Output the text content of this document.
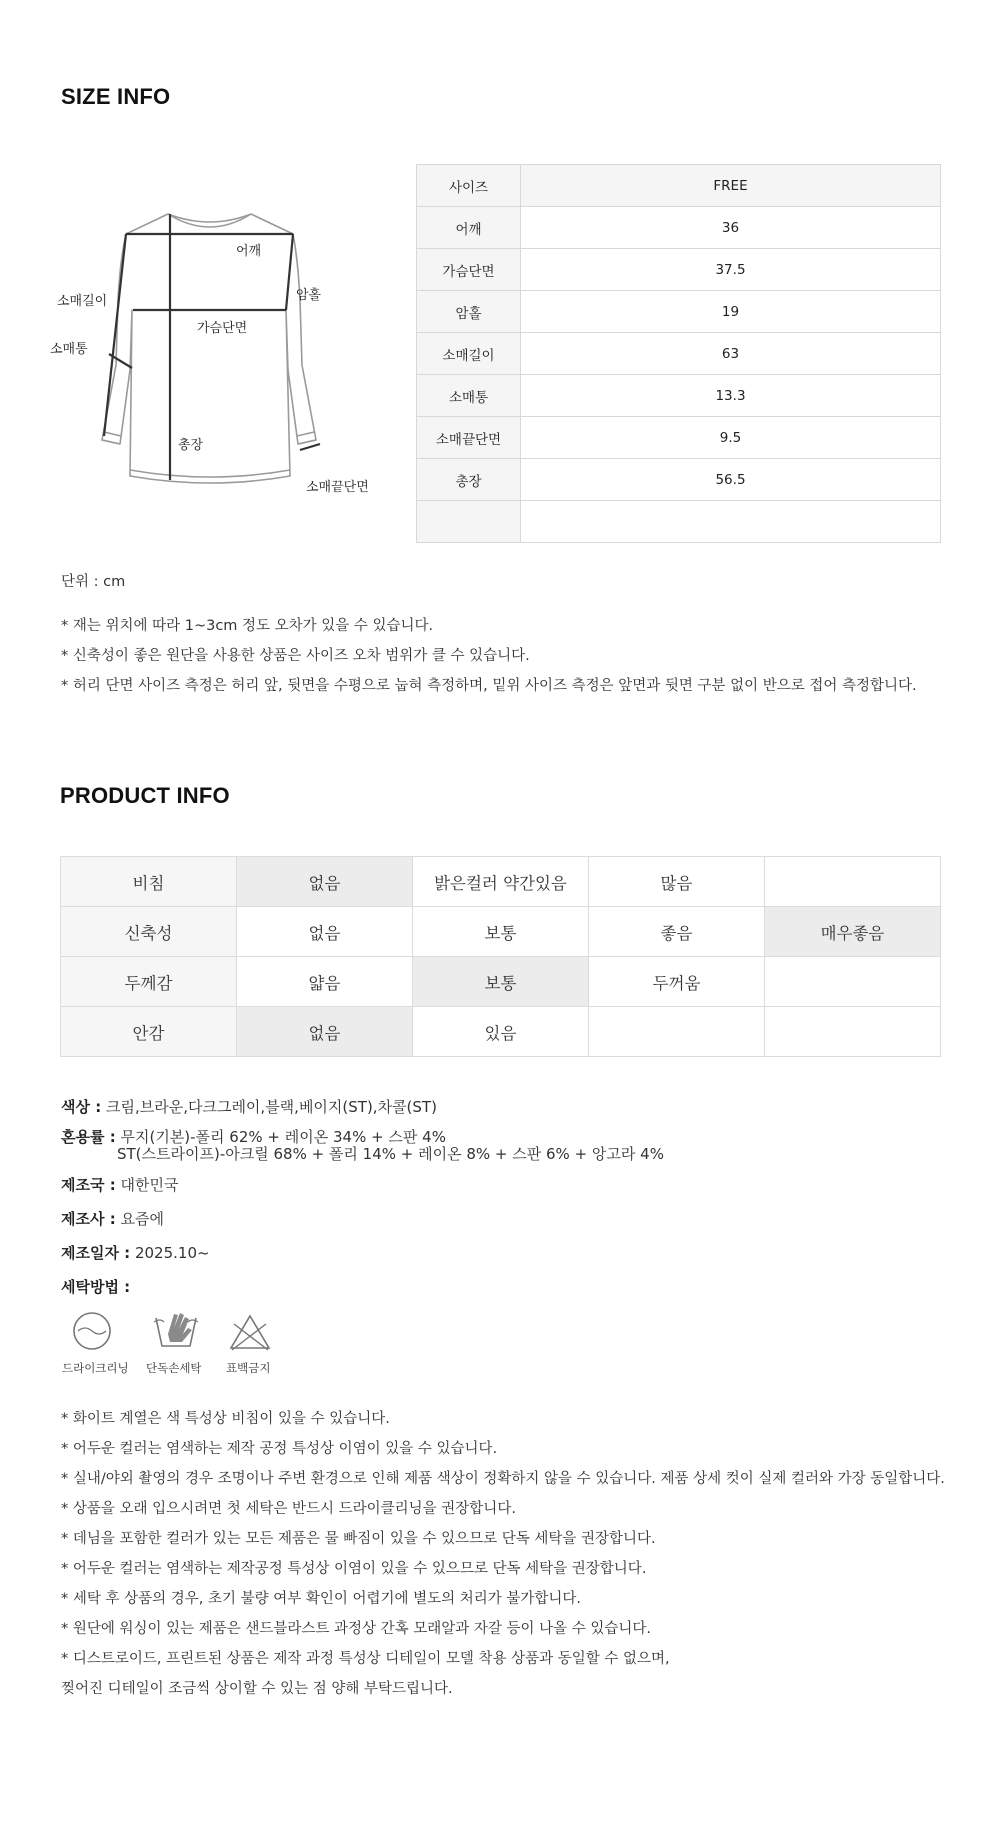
SIZE INFO
어깨
암홀
소매길이
가슴단면
소매통
총장
소매끝단면
사이즈	FREE
어깨	36
가슴단면	37.5
암홀	19
소매길이	63
소매통	13.3
소매끝단면	9.5
총장	56.5

단위 : cm
* 재는 위치에 따라 1~3cm 정도 오차가 있을 수 있습니다.
* 신축성이 좋은 원단을 사용한 상품은 사이즈 오차 범위가 클 수 있습니다.
* 허리 단면 사이즈 측정은 허리 앞, 뒷면을 수평으로 눕혀 측정하며, 밑위 사이즈 측정은 앞면과 뒷면 구분 없이 반으로 접어 측정합니다.
PRODUCT INFO
비침	없음	밝은컬러 약간있음	많음	
신축성	없음	보통	좋음	매우좋음
두께감	얇음	보통	두꺼움	
안감	없음	있음		
색상 : 크림,브라운,다크그레이,블랙,베이지(ST),차콜(ST)
혼용률 : 무지(기본)-폴리 62% + 레이온 34% + 스판 4%
ST(스트라이프)-아크릴 68% + 폴리 14% + 레이온 8% + 스판 6% + 앙고라 4%
제조국 : 대한민국
제조사 : 요즘에
제조일자 : 2025.10~
세탁방법 :
드라이크리닝 단독손세탁 표백금지
* 화이트 계열은 색 특성상 비침이 있을 수 있습니다.
* 어두운 컬러는 염색하는 제작 공정 특성상 이염이 있을 수 있습니다.
* 실내/야외 촬영의 경우 조명이나 주변 환경으로 인해 제품 색상이 정확하지 않을 수 있습니다. 제품 상세 컷이 실제 컬러와 가장 동일합니다.
* 상품을 오래 입으시려면 첫 세탁은 반드시 드라이클리닝을 권장합니다.
* 데님을 포함한 컬러가 있는 모든 제품은 물 빠짐이 있을 수 있으므로 단독 세탁을 권장합니다.
* 어두운 컬러는 염색하는 제작공정 특성상 이염이 있을 수 있으므로 단독 세탁을 권장합니다.
* 세탁 후 상품의 경우, 초기 불량 여부 확인이 어렵기에 별도의 처리가 불가합니다.
* 원단에 워싱이 있는 제품은 샌드블라스트 과정상 간혹 모래알과 자갈 등이 나올 수 있습니다.
* 디스트로이드, 프린트된 상품은 제작 과정 특성상 디테일이 모델 착용 상품과 동일할 수 없으며,
찢어진 디테일이 조금씩 상이할 수 있는 점 양해 부탁드립니다.
